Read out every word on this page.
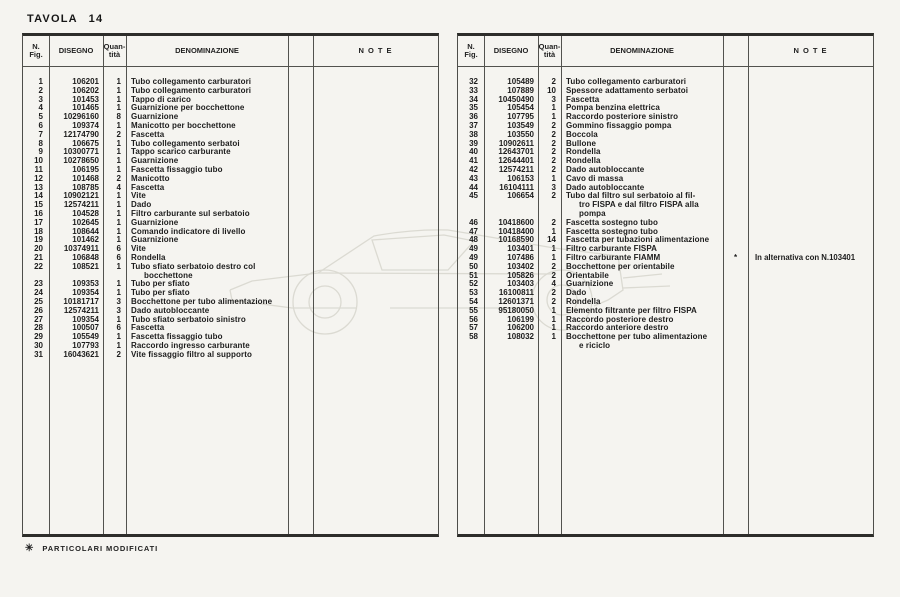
TAVOLA 14
N.
Fig.	DISEGNO	Quan-
tità	DENOMINAZIONE	N O T E
1	106201	1	Tubo collegamento carburatori
2	106202	1	Tubo collegamento carburatori
3	101453	1	Tappo di carico
4	101465	1	Guarnizione per bocchettone
5	10296160	8	Guarnizione
6	109374	1	Manicotto per bocchettone
7	12174790	2	Fascetta
8	106675	1	Tubo collegamento serbatoi
9	10300771	1	Tappo scarico carburante
10	10278650	1	Guarnizione
11	106195	1	Fascetta fissaggio tubo
12	101468	2	Manicotto
13	108785	4	Fascetta
14	10902121	1	Vite
15	12574211	1	Dado
16	104528	1	Filtro carburante sul serbatoio
17	102645	1	Guarnizione
18	108644	1	Comando indicatore di livello
19	101462	1	Guarnizione
20	10374911	6	Vite
21	106848	6	Rondella
22	108521	1	Tubo sfiato serbatoio destro col
bocchettone
23	109353	1	Tubo per sfiato
24	109354	1	Tubo per sfiato
25	10181717	3	Bocchettone per tubo alimentazione
26	12574211	3	Dado autobloccante
27	109354	1	Tubo sfiato serbatoio sinistro
28	100507	6	Fascetta
29	105549	1	Fascetta fissaggio tubo
30	107793	1	Raccordo ingresso carburante
31	16043621	2	Vite fissaggio filtro al supporto
N.
Fig.	DISEGNO	Quan-
tità	DENOMINAZIONE	N O T E
32	105489	2	Tubo collegamento carburatori
33	107889	10	Spessore adattamento serbatoi
34	10450490	3	Fascetta
35	105454	1	Pompa benzina elettrica
36	107795	1	Raccordo posteriore sinistro
37	103549	2	Gommino fissaggio pompa
38	103550	2	Boccola
39	10902611	2	Bullone
40	12643701	2	Rondella
41	12644401	2	Rondella
42	12574211	2	Dado autobloccante
43	106153	1	Cavo di massa
44	16104111	3	Dado autobloccante
45	106654	2	Tubo dal filtro sul serbatoio al fil-
tro FISPA e dal filtro FISPA alla
pompa
46	10418600	2	Fascetta sostegno tubo
47	10418400	1	Fascetta sostegno tubo
48	10168590	14	Fascetta per tubazioni alimentazione
49	103401	1	Filtro carburante FISPA
49	107486	1	Filtro carburante FIAMM	*	In alternativa con N.103401
50	103402	2	Bocchettone per orientabile
51	105826	2	Orientabile
52	103403	4	Guarnizione
53	16100811	2	Dado
54	12601371	2	Rondella
55	95180050	1	Elemento filtrante per filtro FISPA
56	106199	1	Raccordo posteriore destro
57	106200	1	Raccordo anteriore destro
58	108032	1	Bocchettone per tubo alimentazione
e riciclo
✳ PARTICOLARI MODIFICATI
